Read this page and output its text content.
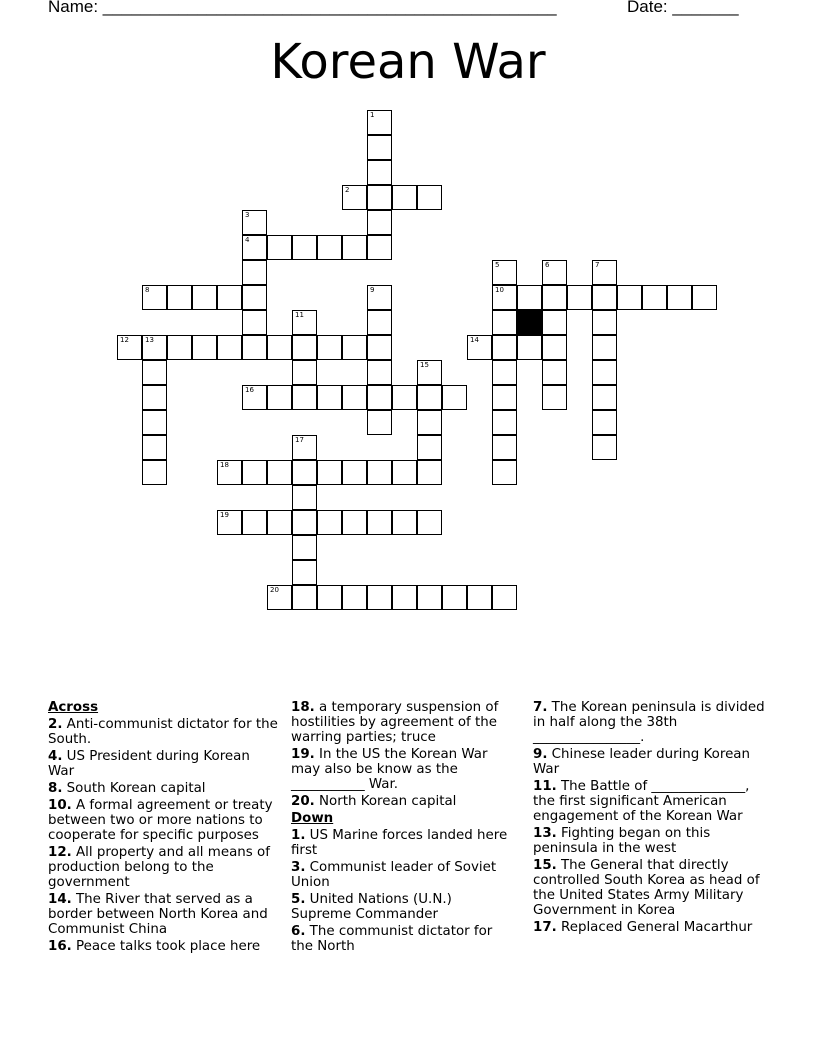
Name: ________________________________________________	Date: _______
Korean War
1
3
4
5
10
6	7
9
11
13
15
17
2
8
12	14
16
18
19
20
Across
2. Anti-communist dictator for the South.
4. US President during Korean War
8. South Korean capital
10. A formal agreement or treaty between two or more nations to cooperate for specific purposes
12. All property and all means of production belong to the government
14. The River that served as a border between North Korea and Communist China
16. Peace talks took place here
18. a temporary suspension of hostilities by agreement of the warring parties; truce
19. In the US the Korean War may also be know as the ___________ War.
20. North Korean capital
Down
1. US Marine forces landed here first
3. Communist leader of Soviet Union
5. United Nations (U.N.) Supreme Commander
6. The communist dictator for the North
7. The Korean peninsula is divided in half along the 38th ________________.
9. Chinese leader during Korean War
11. The Battle of ______________, the first significant American engagement of the Korean War
13. Fighting began on this peninsula in the west
15. The General that directly controlled South Korea as head of the United States Army Military Government in Korea
17. Replaced General Macarthur
